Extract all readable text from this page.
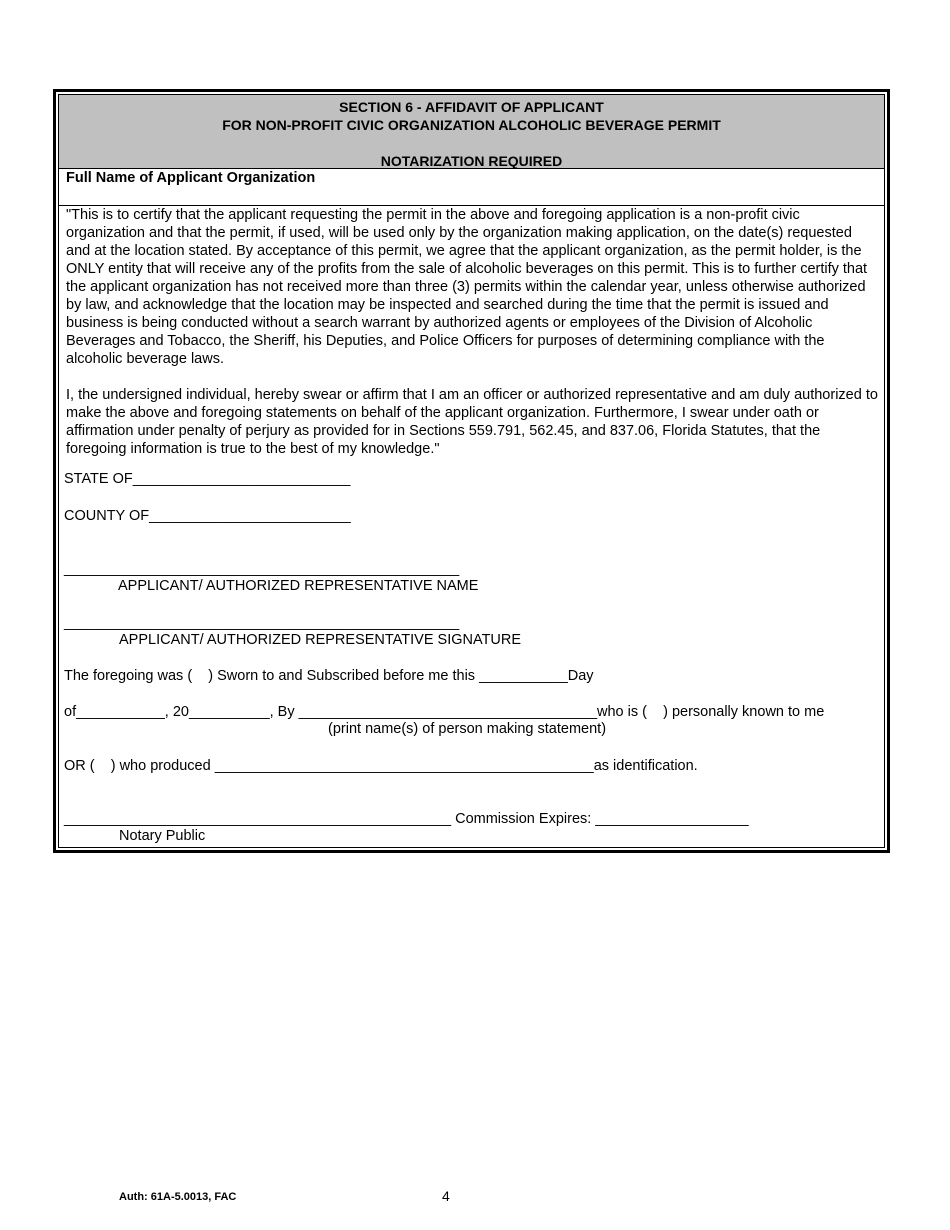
SECTION 6 - AFFIDAVIT OF APPLICANT
FOR NON-PROFIT CIVIC ORGANIZATION ALCOHOLIC BEVERAGE PERMIT
NOTARIZATION REQUIRED
Full Name of Applicant Organization

"This is to certify that the applicant requesting the permit in the above and foregoing application is a non-profit civic organization and that the permit, if used, will be used only by the organization making application, on the date(s) requested and at the location stated. By acceptance of this permit, we agree that the applicant organization, as the permit holder, is the ONLY entity that will receive any of the profits from the sale of alcoholic beverages on this permit. This is to further certify that the applicant organization has not received more than three (3) permits within the calendar year, unless otherwise authorized by law, and acknowledge that the location may be inspected and searched during the time that the permit is issued and business is being conducted without a search warrant by authorized agents or employees of the Division of Alcoholic Beverages and Tobacco, the Sheriff, his Deputies, and Police Officers for purposes of determining compliance with the alcoholic beverage laws.

I, the undersigned individual, hereby swear or affirm that I am an officer or authorized representative and am duly authorized to make the above and foregoing statements on behalf of the applicant organization. Furthermore, I swear under oath or affirmation under penalty of perjury as provided for in Sections 559.791, 562.45, and 837.06, Florida Statutes, that the foregoing information is true to the best of my knowledge."

STATE OF___________________________
COUNTY OF_________________________
_________________________________________________
APPLICANT/ AUTHORIZED REPRESENTATIVE NAME
_________________________________________________
APPLICANT/ AUTHORIZED REPRESENTATIVE SIGNATURE
The foregoing was (    ) Sworn to and Subscribed before me this ___________Day
of___________, 20__________, By _____________________________________who is (    ) personally known to me
(print name(s) of person making statement)
OR (    ) who produced _______________________________________________as identification.
________________________________________________ Commission Expires: ___________________
Notary Public
Auth: 61A-5.0013, FAC	4
